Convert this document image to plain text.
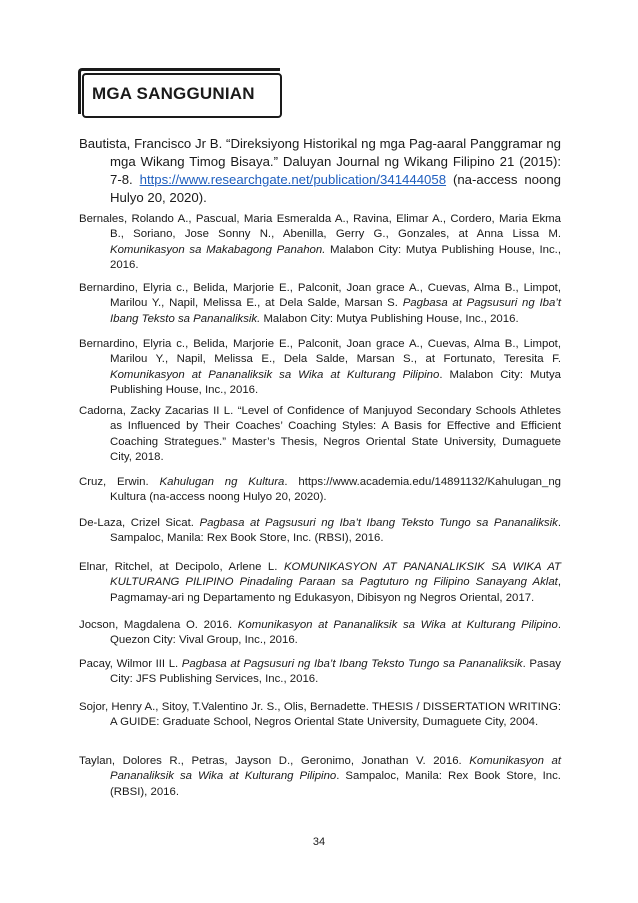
MGA SANGGUNIAN
Bautista, Francisco Jr B. “Direksiyong Historikal ng mga Pag-aaral Panggramar ng mga Wikang Timog Bisaya.” Daluyan Journal ng Wikang Filipino 21 (2015): 7-8. https://www.researchgate.net/publication/341444058 (na-access noong Hulyo 20, 2020).
Bernales, Rolando A., Pascual, Maria Esmeralda A., Ravina, Elimar A., Cordero, Maria Ekma B., Soriano, Jose Sonny N., Abenilla, Gerry G., Gonzales, at Anna Lissa M. Komunikasyon sa Makabagong Panahon. Malabon City: Mutya Publishing House, Inc., 2016.
Bernardino, Elyria c., Belida, Marjorie E., Palconit, Joan grace A., Cuevas, Alma B., Limpot, Marilou Y., Napil, Melissa E., at Dela Salde, Marsan S. Pagbasa at Pagsusuri ng Iba’t Ibang Teksto sa Pananaliksik. Malabon City: Mutya Publishing House, Inc., 2016.
Bernardino, Elyria c., Belida, Marjorie E., Palconit, Joan grace A., Cuevas, Alma B., Limpot, Marilou Y., Napil, Melissa E., Dela Salde, Marsan S., at Fortunato, Teresita F. Komunikasyon at Pananaliksik sa Wika at Kulturang Pilipino. Malabon City: Mutya Publishing House, Inc., 2016.
Cadorna, Zacky Zacarias II L. “Level of Confidence of Manjuyod Secondary Schools Athletes as Influenced by Their Coaches’ Coaching Styles: A Basis for Effective and Efficient Coaching Strategues.” Master’s Thesis, Negros Oriental State University, Dumaguete City, 2018.
Cruz, Erwin. Kahulugan ng Kultura. https://www.academia.edu/14891132/Kahulugan_ng Kultura (na-access noong Hulyo 20, 2020).
De-Laza, Crizel Sicat. Pagbasa at Pagsusuri ng Iba’t Ibang Teksto Tungo sa Pananaliksik. Sampaloc, Manila: Rex Book Store, Inc. (RBSI), 2016.
Elnar, Ritchel, at Decipolo, Arlene L. KOMUNIKASYON AT PANANALIKSIK SA WIKA AT KULTURANG PILIPINO Pinadaling Paraan sa Pagtuturo ng Filipino Sanayang Aklat, Pagmamay-ari ng Departamento ng Edukasyon, Dibisyon ng Negros Oriental, 2017.
Jocson, Magdalena O. 2016. Komunikasyon at Pananaliksik sa Wika at Kulturang Pilipino. Quezon City: Vival Group, Inc., 2016.
Pacay, Wilmor III L. Pagbasa at Pagsusuri ng Iba’t Ibang Teksto Tungo sa Pananaliksik. Pasay City: JFS Publishing Services, Inc., 2016.
Sojor, Henry A., Sitoy, T.Valentino Jr. S., Olis, Bernadette. THESIS / DISSERTATION WRITING: A GUIDE: Graduate School, Negros Oriental State University, Dumaguete City, 2004.
Taylan, Dolores R., Petras, Jayson D., Geronimo, Jonathan V. 2016. Komunikasyon at Pananaliksik sa Wika at Kulturang Pilipino. Sampaloc, Manila: Rex Book Store, Inc. (RBSI), 2016.
34
